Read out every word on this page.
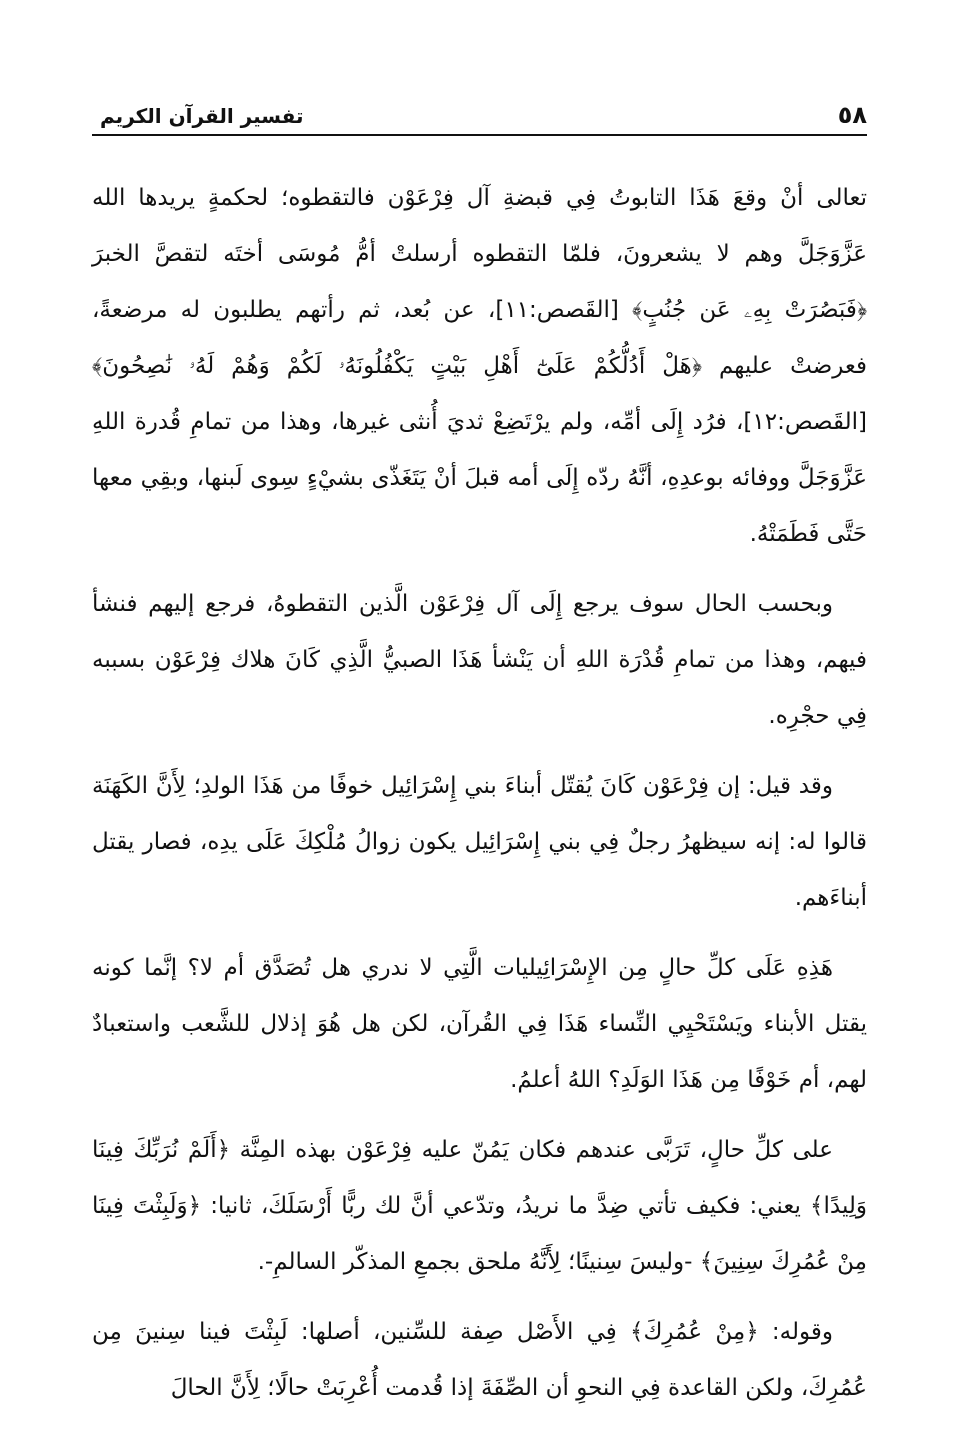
٥٨
تفسير القرآن الكريم

تعالى أنْ وقعَ هَذَا التابوتُ فِي قبضةِ آل فِرْعَوْن فالتقطوه؛ لحكمةٍ يريدها الله عَزَّوَجَلَّ وهم لا يشعرونَ، فلمّا التقطوه أرسلتْ أمُّ مُوسَى أختَه لتقصَّ الخبرَ ﴿فَبَصُرَتْ بِهِۦ عَن جُنُبٍ﴾ [القَصص:١١]، عن بُعد، ثم رأتهم يطلبون له مرضعةً، فعرضتْ عليهم ﴿هَلْ أَدُلُّكُمْ عَلَىٰٓ أَهْلِ بَيْتٍ يَكْفُلُونَهُۥ لَكُمْ وَهُمْ لَهُۥ نَٰصِحُونَ﴾ [القَصص:١٢]، فرُد إِلَى أمِّه، ولم يرْتَضِعْ ثديَ أُنثى غيرها، وهذا من تمامِ قُدرة اللهِ عَزَّوَجَلَّ ووفائه بوعدِهِ، أنَّهُ ردّه إِلَى أمه قبلَ أنْ يَتَغَذّى بشيْءٍ سِوى لَبنها، وبقِي معها حَتَّى فَطَمَتْهُ.

وبحسب الحال سوف يرجع إِلَى آل فِرْعَوْن الَّذين التقطوهُ، فرجع إليهم فنشأ فيهم، وهذا من تمامِ قُدْرَة اللهِ أن يَنْشأ هَذَا الصبيُّ الَّذِي كَانَ هلاك فِرْعَوْن بسببه فِي حجْرِه.

وقد قيل: إن فِرْعَوْن كَانَ يُقتّل أبناءَ بني إِسْرَائِيل خوفًا من هَذَا الولدِ؛ لِأَنَّ الكَهَنَة قالوا له: إنه سيظهرُ رجلٌ فِي بني إِسْرَائِيل يكون زوالُ مُلْكِكَ عَلَى يدِه، فصار يقتل أبناءَهم.

هَذِهِ عَلَى كلِّ حالٍ مِن الإِسْرَائِيليات الَّتِي لا ندري هل تُصَدَّق أم لا؟ إنَّما كونه يقتل الأبناء ويَسْتَحْيِي النِّساء هَذَا فِي القُرآن، لكن هل هُوَ إذلال للشَّعب واستعبادٌ لهم، أم خَوْفًا مِن هَذَا الوَلَدِ؟ اللهُ أعلمُ.

على كلِّ حالٍ، تَرَبَّى عندهم فكان يَمُنّ عليه فِرْعَوْن بهذه المِنَّة ﴿أَلَمْ نُرَبِّكَ فِينَا وَلِيدًا﴾ يعني: فكيف تأتي ضِدَّ ما نريدُ، وتدّعي أنَّ لك ربًّا أَرْسَلَكَ، ثانيا: ﴿وَلَبِثْتَ فِينَا مِنْ عُمُرِكَ سِنِينَ﴾ -وليسَ سِنينًا؛ لِأَنَّهُ ملحق بجمعِ المذكّر السالمِ-.

وقوله: ﴿مِنْ عُمُرِكَ﴾ فِي الأَصْل صِفة للسِّنين، أصلها: لَبِثْتَ فينا سِنينَ مِن عُمُرِكَ، ولكن القاعدة فِي النحوِ أن الصِّفَةَ إذا قُدمت أُعْرِبَتْ حالًا؛ لِأَنَّ الحالَ
